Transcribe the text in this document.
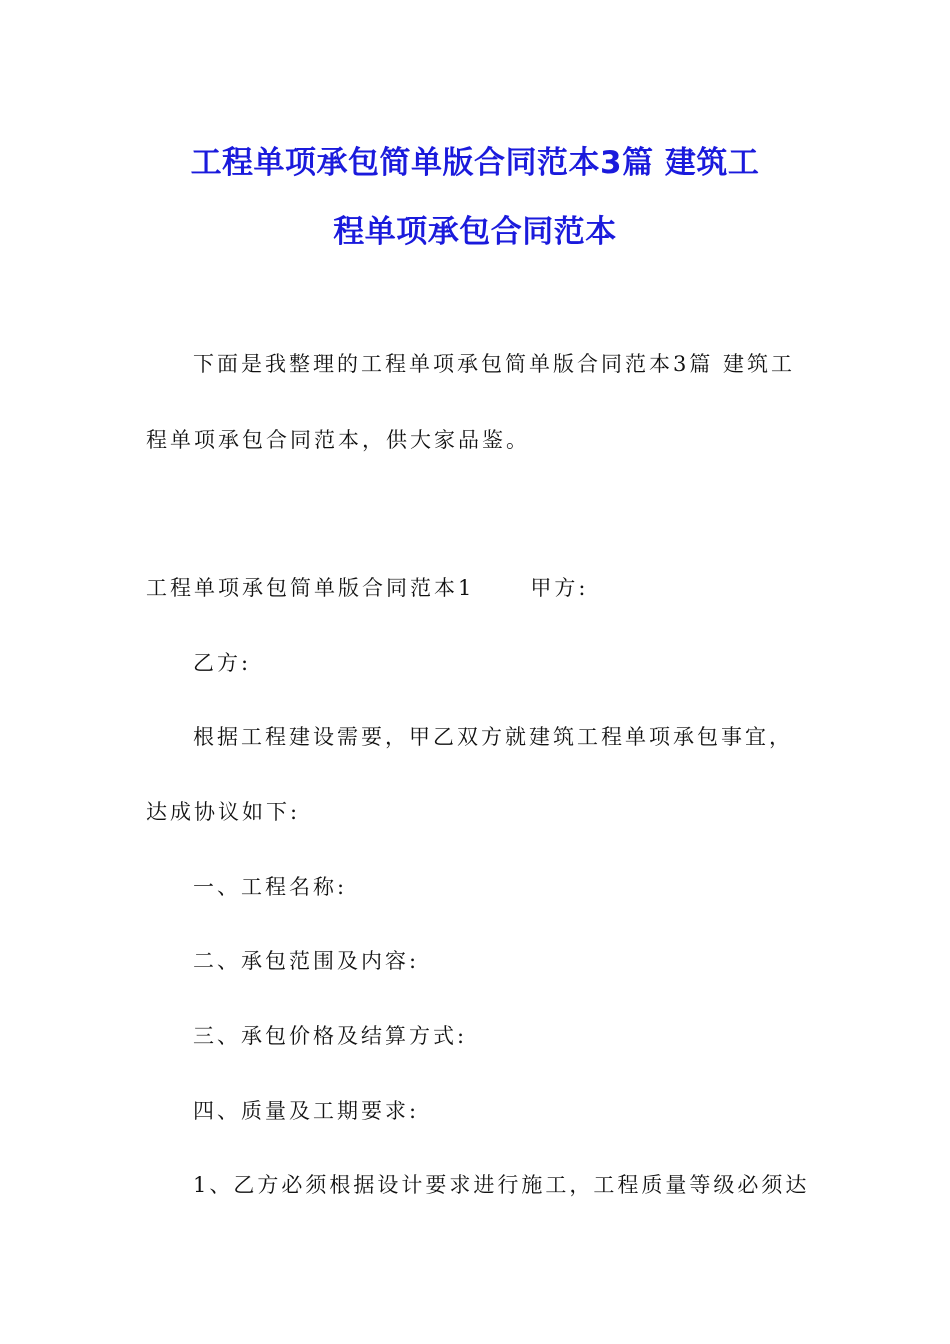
工程单项承包简单版合同范本3篇 建筑工
程单项承包合同范本
下面是我整理的工程单项承包简单版合同范本3篇 建筑工
程单项承包合同范本，供大家品鉴。
工程单项承包简单版合同范本1	甲方:
乙方:
根据工程建设需要，甲乙双方就建筑工程单项承包事宜，
达成协议如下:
一、工程名称:
二、承包范围及内容:
三、承包价格及结算方式:
四、质量及工期要求:
1、乙方必须根据设计要求进行施工，工程质量等级必须达
